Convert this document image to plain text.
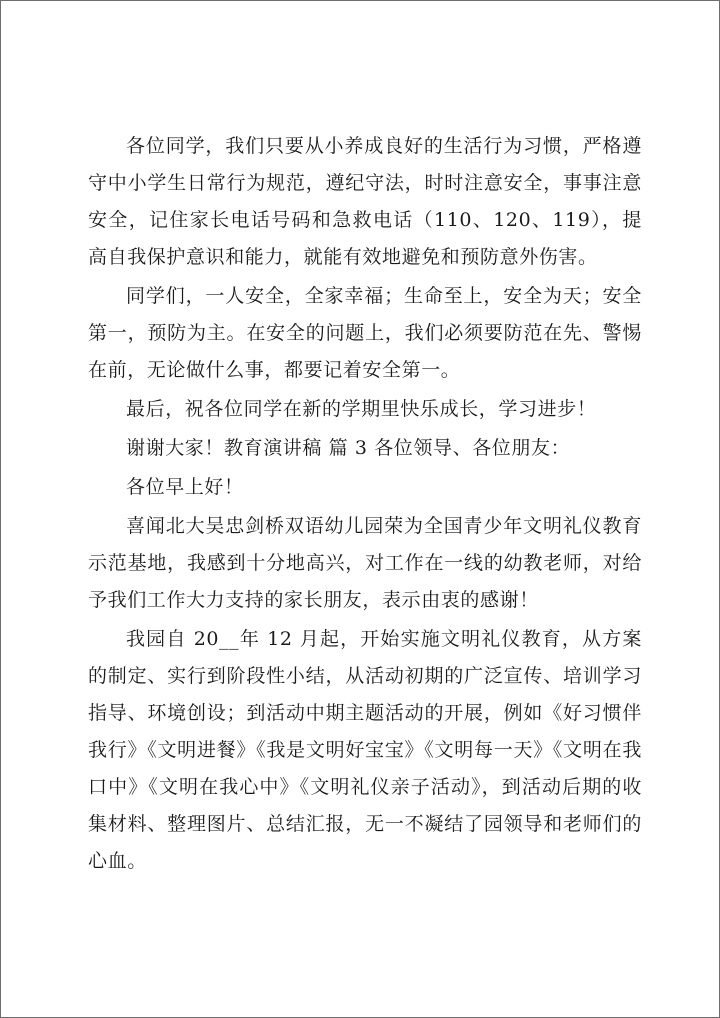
各位同学，我们只要从小养成良好的生活行为习惯，严格遵守中小学生日常行为规范，遵纪守法，时时注意安全，事事注意安全，记住家长电话号码和急救电话（110、120、119），提高自我保护意识和能力，就能有效地避免和预防意外伤害。

同学们，一人安全，全家幸福；生命至上，安全为天；安全第一，预防为主。在安全的问题上，我们必须要防范在先、警惕在前，无论做什么事，都要记着安全第一。

最后，祝各位同学在新的学期里快乐成长，学习进步！

谢谢大家！教育演讲稿 篇 3 各位领导、各位朋友：

各位早上好！

喜闻北大吴忠剑桥双语幼儿园荣为全国青少年文明礼仪教育示范基地，我感到十分地高兴，对工作在一线的幼教老师，对给予我们工作大力支持的家长朋友，表示由衷的感谢！

我园自 20__年 12 月起，开始实施文明礼仪教育，从方案的制定、实行到阶段性小结，从活动初期的广泛宣传、培训学习指导、环境创设；到活动中期主题活动的开展，例如《好习惯伴我行》《文明进餐》《我是文明好宝宝》《文明每一天》《文明在我口中》《文明在我心中》《文明礼仪亲子活动》，到活动后期的收集材料、整理图片、总结汇报，无一不凝结了园领导和老师们的心血。
